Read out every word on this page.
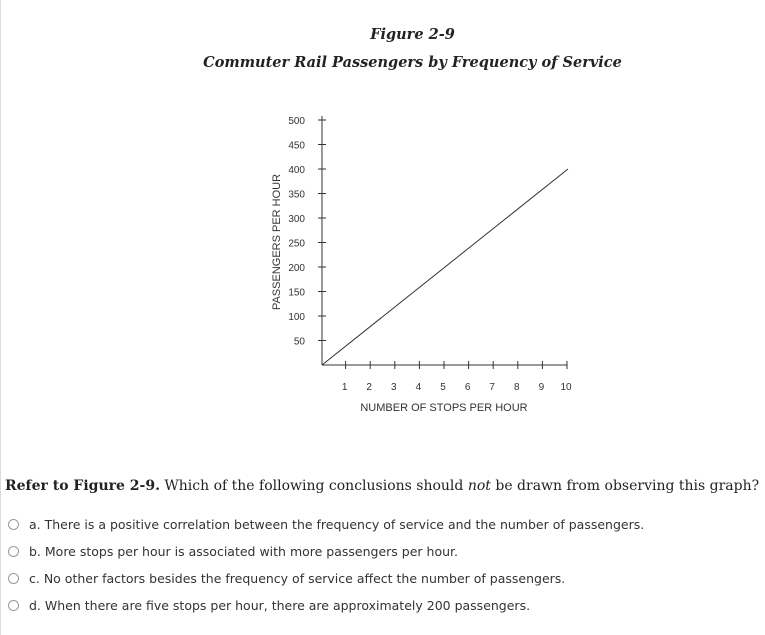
Figure 2-9
Commuter Rail Passengers by Frequency of Service
50
100
150
200
250
300
350
400
450
500
1 2 3 4 5 6 7 8 9 10
PASSENGERS PER HOUR
NUMBER OF STOPS PER HOUR
Refer to Figure 2-9. Which of the following conclusions should not be drawn from observing this graph?
a. There is a positive correlation between the frequency of service and the number of passengers.
b. More stops per hour is associated with more passengers per hour.
c. No other factors besides the frequency of service affect the number of passengers.
d. When there are five stops per hour, there are approximately 200 passengers.
